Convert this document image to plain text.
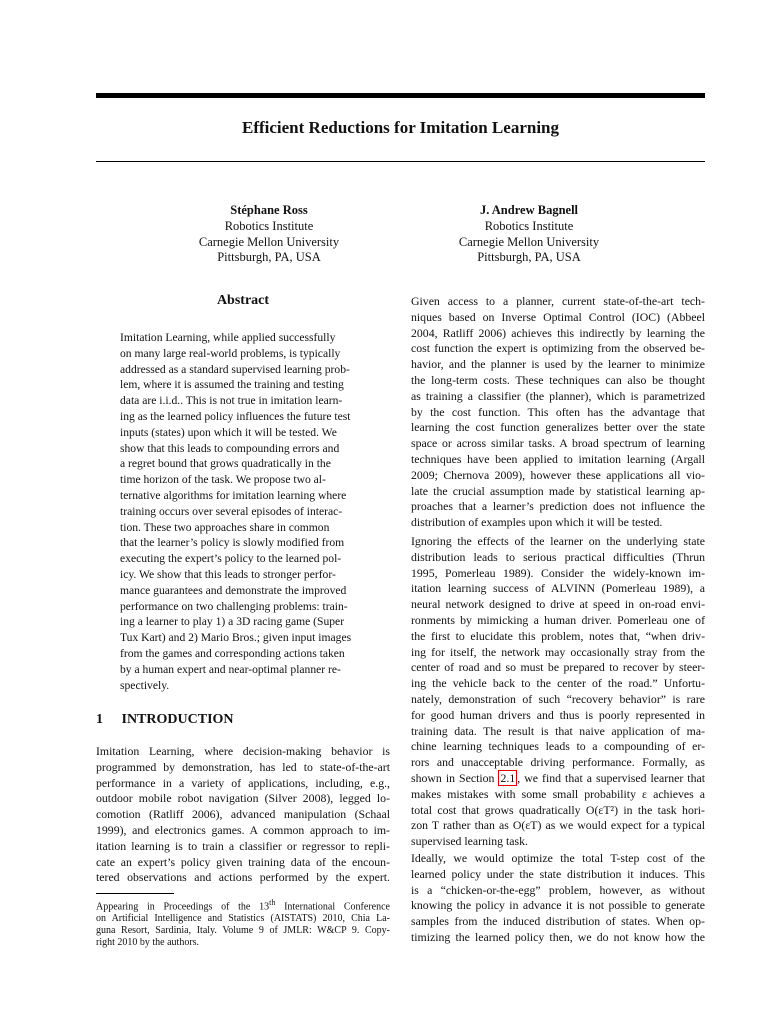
Efficient Reductions for Imitation Learning
Stéphane Ross
Robotics Institute
Carnegie Mellon University
Pittsburgh, PA, USA
J. Andrew Bagnell
Robotics Institute
Carnegie Mellon University
Pittsburgh, PA, USA
Abstract
Imitation Learning, while applied successfully
on many large real-world problems, is typically
addressed as a standard supervised learning prob-
lem, where it is assumed the training and testing
data are i.i.d.. This is not true in imitation learn-
ing as the learned policy influences the future test
inputs (states) upon which it will be tested. We
show that this leads to compounding errors and
a regret bound that grows quadratically in the
time horizon of the task. We propose two al-
ternative algorithms for imitation learning where
training occurs over several episodes of interac-
tion. These two approaches share in common
that the learner’s policy is slowly modified from
executing the expert’s policy to the learned pol-
icy. We show that this leads to stronger perfor-
mance guarantees and demonstrate the improved
performance on two challenging problems: train-
ing a learner to play 1) a 3D racing game (Super
Tux Kart) and 2) Mario Bros.; given input images
from the games and corresponding actions taken
by a human expert and near-optimal planner re-
spectively.
1 INTRODUCTION
Imitation Learning, where decision-making behavior is
programmed by demonstration, has led to state-of-the-art
performance in a variety of applications, including, e.g.,
outdoor mobile robot navigation (Silver 2008), legged lo-
comotion (Ratliff 2006), advanced manipulation (Schaal
1999), and electronics games. A common approach to im-
itation learning is to train a classifier or regressor to repli-
cate an expert’s policy given training data of the encoun-
tered observations and actions performed by the expert.
Appearing in Proceedings of the 13th International Conference
on Artificial Intelligence and Statistics (AISTATS) 2010, Chia La-
guna Resort, Sardinia, Italy. Volume 9 of JMLR: W&CP 9. Copy-
right 2010 by the authors.
Given access to a planner, current state-of-the-art tech-
niques based on Inverse Optimal Control (IOC) (Abbeel
2004, Ratliff 2006) achieves this indirectly by learning the
cost function the expert is optimizing from the observed be-
havior, and the planner is used by the learner to minimize
the long-term costs. These techniques can also be thought
as training a classifier (the planner), which is parametrized
by the cost function. This often has the advantage that
learning the cost function generalizes better over the state
space or across similar tasks. A broad spectrum of learning
techniques have been applied to imitation learning (Argall
2009; Chernova 2009), however these applications all vio-
late the crucial assumption made by statistical learning ap-
proaches that a learner’s prediction does not influence the
distribution of examples upon which it will be tested.
Ignoring the effects of the learner on the underlying state
distribution leads to serious practical difficulties (Thrun
1995, Pomerleau 1989). Consider the widely-known im-
itation learning success of ALVINN (Pomerleau 1989), a
neural network designed to drive at speed in on-road envi-
ronments by mimicking a human driver. Pomerleau one of
the first to elucidate this problem, notes that, “when driv-
ing for itself, the network may occasionally stray from the
center of road and so must be prepared to recover by steer-
ing the vehicle back to the center of the road.” Unfortu-
nately, demonstration of such “recovery behavior” is rare
for good human drivers and thus is poorly represented in
training data. The result is that naive application of ma-
chine learning techniques leads to a compounding of er-
rors and unacceptable driving performance. Formally, as
shown in Section 2.1 , we find that a supervised learner that
makes mistakes with some small probability ε achieves a
total cost that grows quadratically O(εT²) in the task hori-
zon T rather than as O(εT) as we would expect for a typical
supervised learning task.
Ideally, we would optimize the total T-step cost of the
learned policy under the state distribution it induces. This
is a “chicken-or-the-egg” problem, however, as without
knowing the policy in advance it is not possible to generate
samples from the induced distribution of states. When op-
timizing the learned policy then, we do not know how the
